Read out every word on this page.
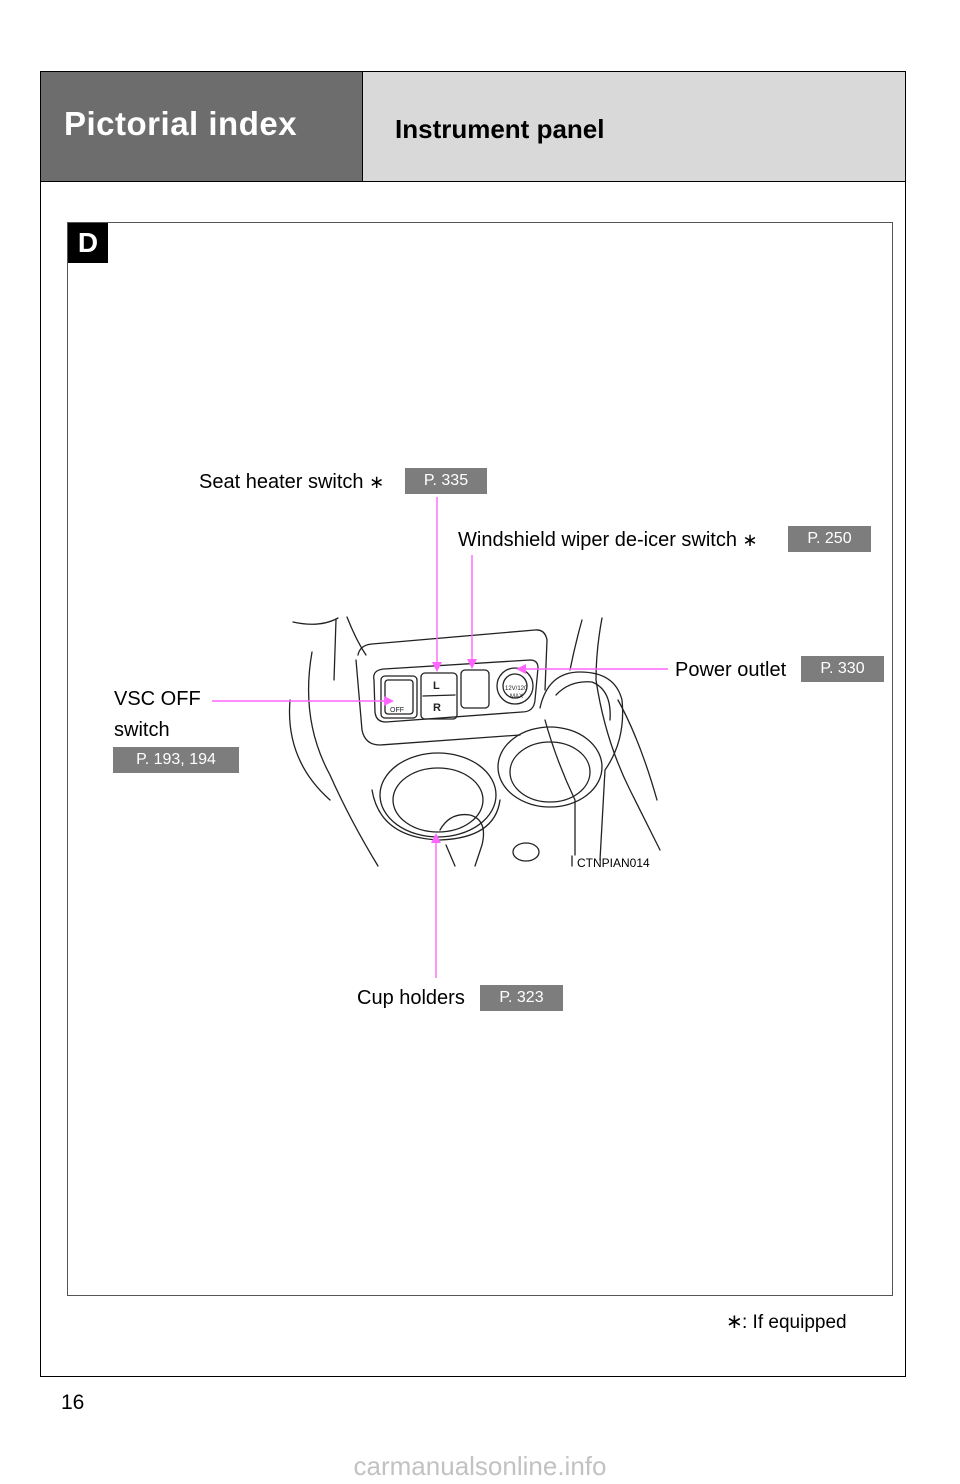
Pictorial index	Instrument panel
D
OFF
L
R
12V/120
MAX
CTNPIAN014
Seat heater switch ∗	P. 335
Windshield wiper de-icer switch ∗	P. 250
Power outlet	P. 330
VSC OFF
switch
P. 193, 194
Cup holders	P. 323
∗ : If equipped
16
carmanualsonline.info
